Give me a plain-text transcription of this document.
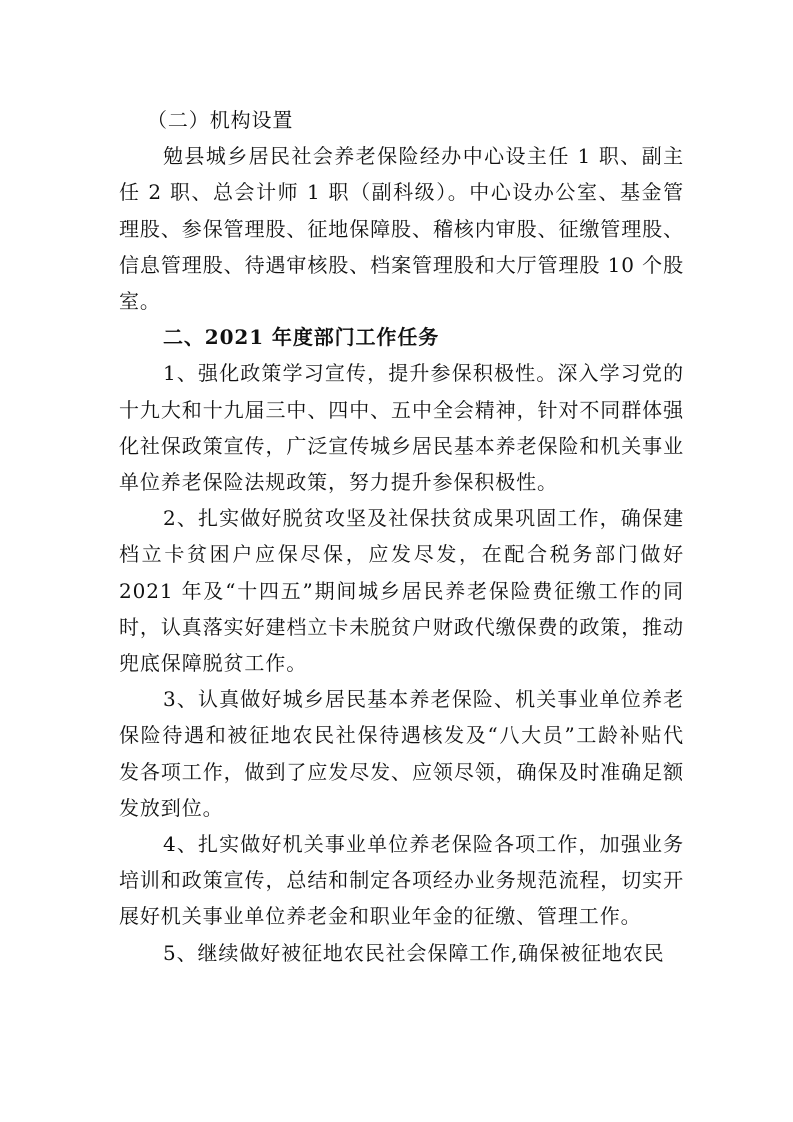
（二）机构设置

勉县城乡居民社会养老保险经办中心设主任 1 职、副主任 2 职、总会计师 1 职（副科级）。中心设办公室、基金管理股、参保管理股、征地保障股、稽核内审股、征缴管理股、信息管理股、待遇审核股、档案管理股和大厅管理股 10 个股室。

二、2021 年度部门工作任务

1、强化政策学习宣传，提升参保积极性。深入学习党的十九大和十九届三中、四中、五中全会精神，针对不同群体强化社保政策宣传，广泛宣传城乡居民基本养老保险和机关事业单位养老保险法规政策，努力提升参保积极性。

2、扎实做好脱贫攻坚及社保扶贫成果巩固工作，确保建档立卡贫困户应保尽保，应发尽发，在配合税务部门做好 2021 年及“十四五”期间城乡居民养老保险费征缴工作的同时，认真落实好建档立卡未脱贫户财政代缴保费的政策，推动兜底保障脱贫工作。

3、认真做好城乡居民基本养老保险、机关事业单位养老保险待遇和被征地农民社保待遇核发及“八大员”工龄补贴代发各项工作，做到了应发尽发、应领尽领，确保及时准确足额发放到位。

4、扎实做好机关事业单位养老保险各项工作，加强业务培训和政策宣传，总结和制定各项经办业务规范流程，切实开展好机关事业单位养老金和职业年金的征缴、管理工作。

5、继续做好被征地农民社会保障工作,确保被征地农民
